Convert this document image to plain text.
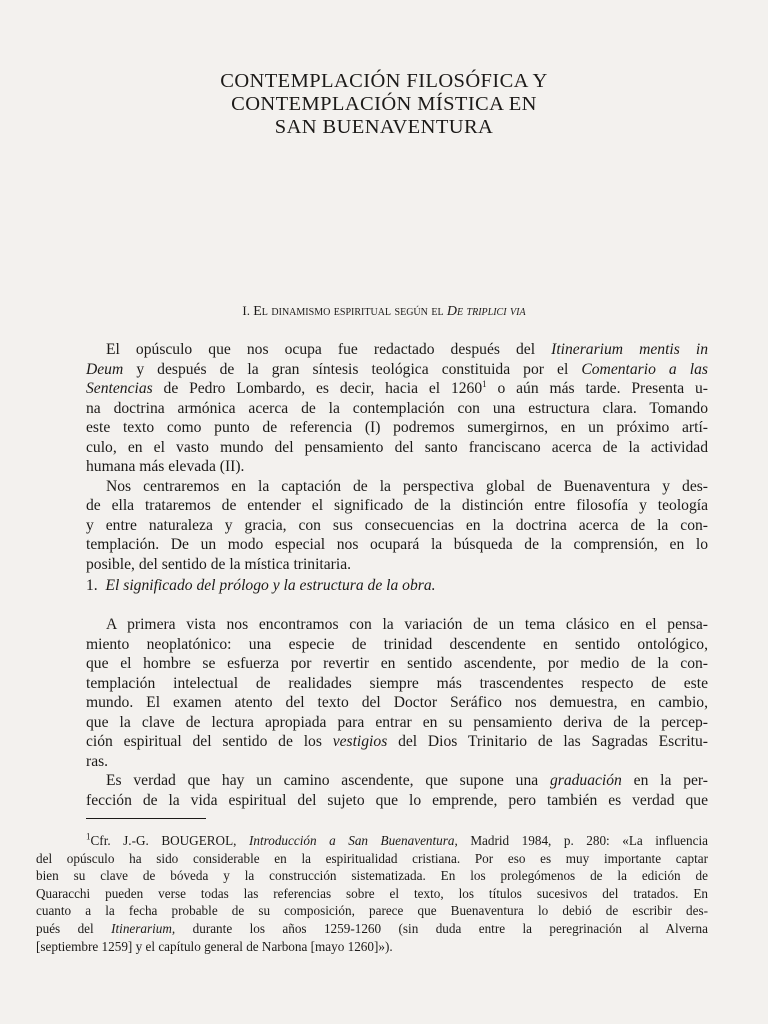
CONTEMPLACIÓN FILOSÓFICA Y
CONTEMPLACIÓN MÍSTICA EN
SAN BUENAVENTURA
I. El dinamismo espiritual según el De triplici via
El opúsculo que nos ocupa fue redactado después del Itinerarium mentis in
Deum y después de la gran síntesis teológica constituida por el Comentario a las
Sentencias de Pedro Lombardo, es decir, hacia el 1260$^1$ o aún más tarde. Presenta u-
na doctrina armónica acerca de la contemplación con una estructura clara. Tomando
este texto como punto de referencia (I) podremos sumergirnos, en un próximo artí-
culo, en el vasto mundo del pensamiento del santo franciscano acerca de la actividad
humana más elevada (II).
Nos centraremos en la captación de la perspectiva global de Buenaventura y des-
de ella trataremos de entender el significado de la distinción entre filosofía y teología
y entre naturaleza y gracia, con sus consecuencias en la doctrina acerca de la con-
templación. De un modo especial nos ocupará la búsqueda de la comprensión, en lo
posible, del sentido de la mística trinitaria.
1. El significado del prólogo y la estructura de la obra.
A primera vista nos encontramos con la variación de un tema clásico en el pensa-
miento neoplatónico: una especie de trinidad descendente en sentido ontológico,
que el hombre se esfuerza por revertir en sentido ascendente, por medio de la con-
templación intelectual de realidades siempre más trascendentes respecto de este
mundo. El examen atento del texto del Doctor Seráfico nos demuestra, en cambio,
que la clave de lectura apropiada para entrar en su pensamiento deriva de la percep-
ción espiritual del sentido de los vestigios del Dios Trinitario de las Sagradas Escritu-
ras.
Es verdad que hay un camino ascendente, que supone una graduación en la per-
fección de la vida espiritual del sujeto que lo emprende, pero también es verdad que
$^1$Cfr. J.-G. BOUGEROL, Introducción a San Buenaventura, Madrid 1984, p. 280: «La influencia
del opúsculo ha sido considerable en la espiritualidad cristiana. Por eso es muy importante captar
bien su clave de bóveda y la construcción sistematizada. En los prolegómenos de la edición de
Quaracchi pueden verse todas las referencias sobre el texto, los títulos sucesivos del tratados. En
cuanto a la fecha probable de su composición, parece que Buenaventura lo debió de escribir des-
pués del Itinerarium, durante los años 1259-1260 (sin duda entre la peregrinación al Alverna
[septiembre 1259] y el capítulo general de Narbona [mayo 1260]»).
